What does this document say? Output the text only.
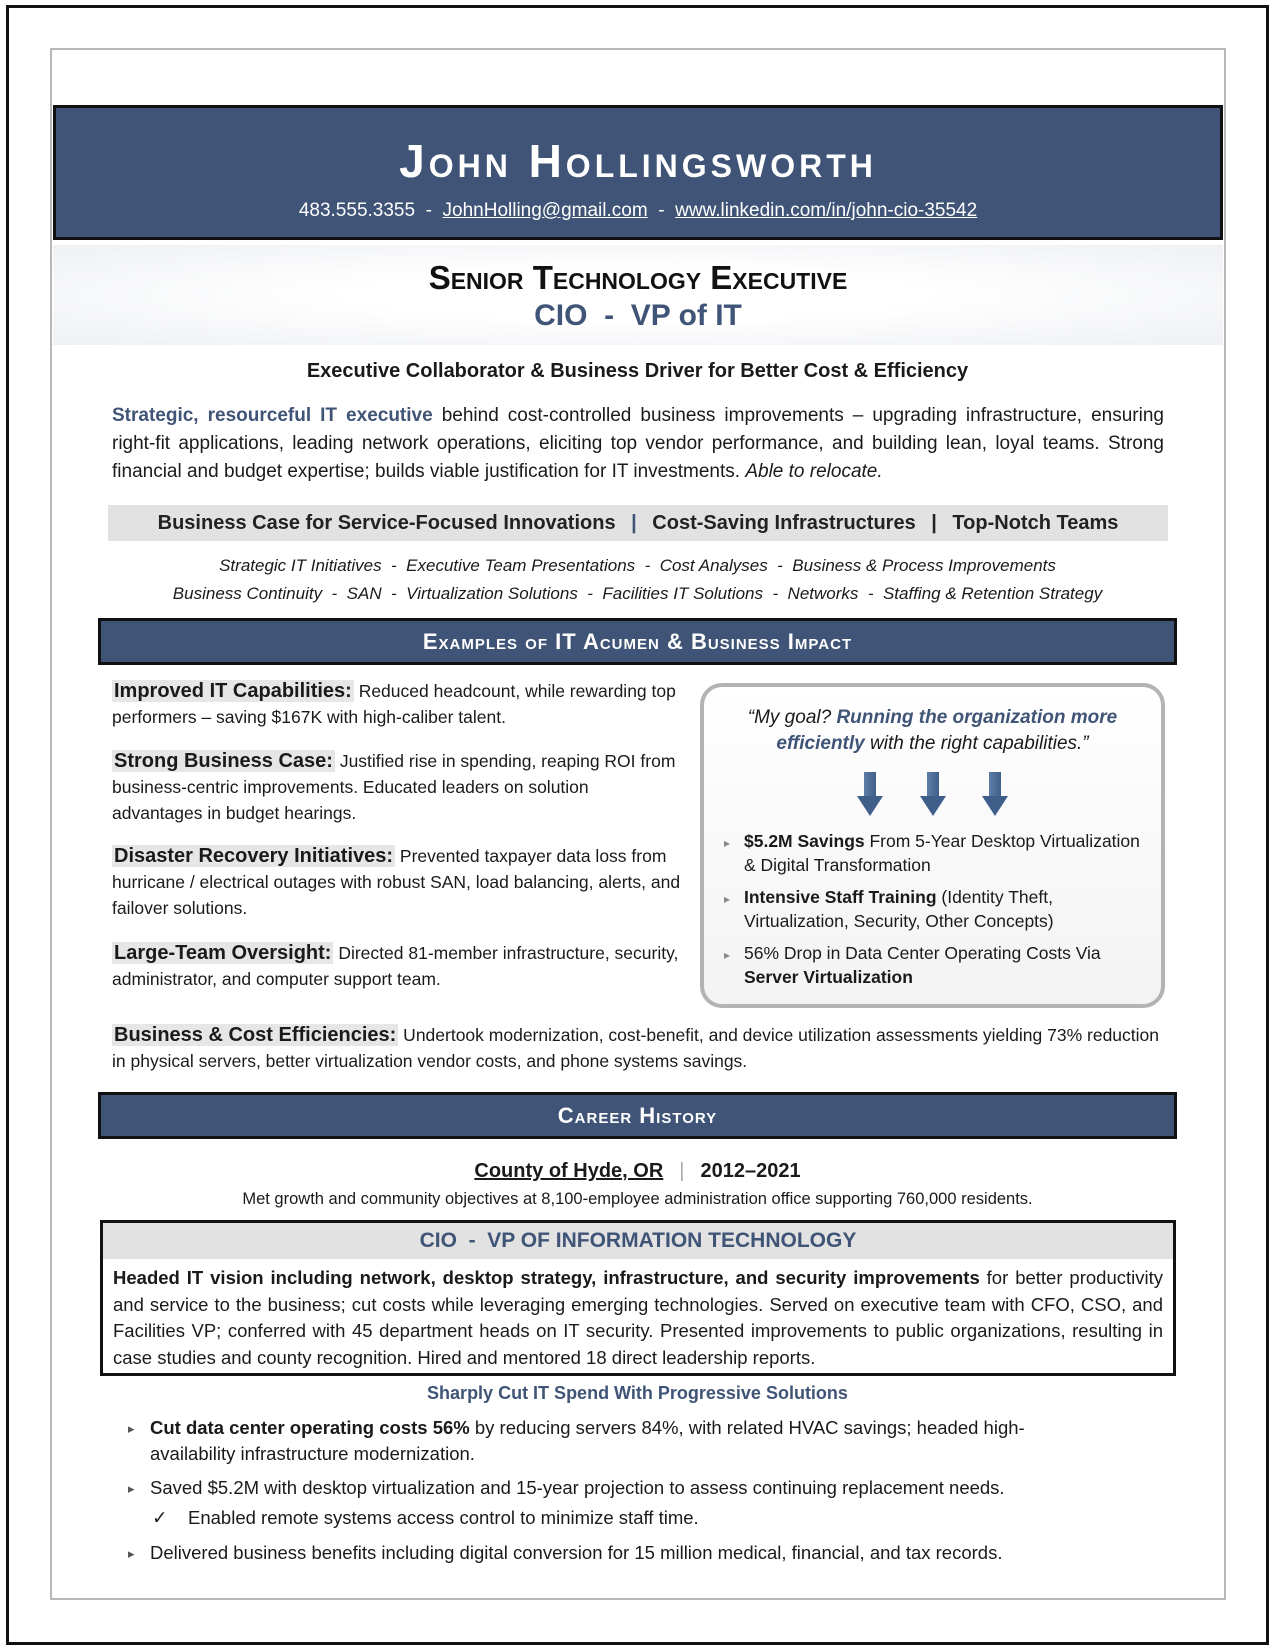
John Hollingsworth
483.555.3355 - JohnHolling@gmail.com - www.linkedin.com/in/john-cio-35542
Senior Technology Executive
CIO  -  VP of IT
Executive Collaborator & Business Driver for Better Cost & Efficiency
Strategic, resourceful IT executive behind cost-controlled business improvements – upgrading infrastructure, ensuring right-fit applications, leading network operations, eliciting top vendor performance, and building lean, loyal teams. Strong financial and budget expertise; builds viable justification for IT investments. Able to relocate.
Business Case for Service-Focused Innovations | Cost-Saving Infrastructures | Top-Notch Teams
Strategic IT Initiatives  -  Executive Team Presentations  -  Cost Analyses  -  Business & Process Improvements
Business Continuity  -  SAN  -  Virtualization Solutions  -  Facilities IT Solutions  -  Networks  -  Staffing & Retention Strategy
Examples of IT Acumen & Business Impact
Improved IT Capabilities: Reduced headcount, while rewarding top performers – saving $167K with high-caliber talent.
Strong Business Case: Justified rise in spending, reaping ROI from business-centric improvements. Educated leaders on solution advantages in budget hearings.
Disaster Recovery Initiatives: Prevented taxpayer data loss from hurricane / electrical outages with robust SAN, load balancing, alerts, and failover solutions.
Large-Team Oversight: Directed 81-member infrastructure, security, administrator, and computer support team.
Business & Cost Efficiencies: Undertook modernization, cost-benefit, and device utilization assessments yielding 73% reduction in physical servers, better virtualization vendor costs, and phone systems savings.
“My goal? Running the organization more efficiently with the right capabilities.”

▸ $5.2M Savings From 5-Year Desktop Virtualization & Digital Transformation
▸ Intensive Staff Training (Identity Theft, Virtualization, Security, Other Concepts)
▸ 56% Drop in Data Center Operating Costs Via Server Virtualization
Career History
County of Hyde, OR | 2012–2021
Met growth and community objectives at 8,100-employee administration office supporting 760,000 residents.
CIO  -  VP OF INFORMATION TECHNOLOGY
Headed IT vision including network, desktop strategy, infrastructure, and security improvements for better productivity and service to the business; cut costs while leveraging emerging technologies. Served on executive team with CFO, CSO, and Facilities VP; conferred with 45 department heads on IT security. Presented improvements to public organizations, resulting in case studies and county recognition. Hired and mentored 18 direct leadership reports.
Sharply Cut IT Spend With Progressive Solutions
▸ Cut data center operating costs 56% by reducing servers 84%, with related HVAC savings; headed high-availability infrastructure modernization.
▸ Saved $5.2M with desktop virtualization and 15-year projection to assess continuing replacement needs.
✓ Enabled remote systems access control to minimize staff time.
▸ Delivered business benefits including digital conversion for 15 million medical, financial, and tax records.
